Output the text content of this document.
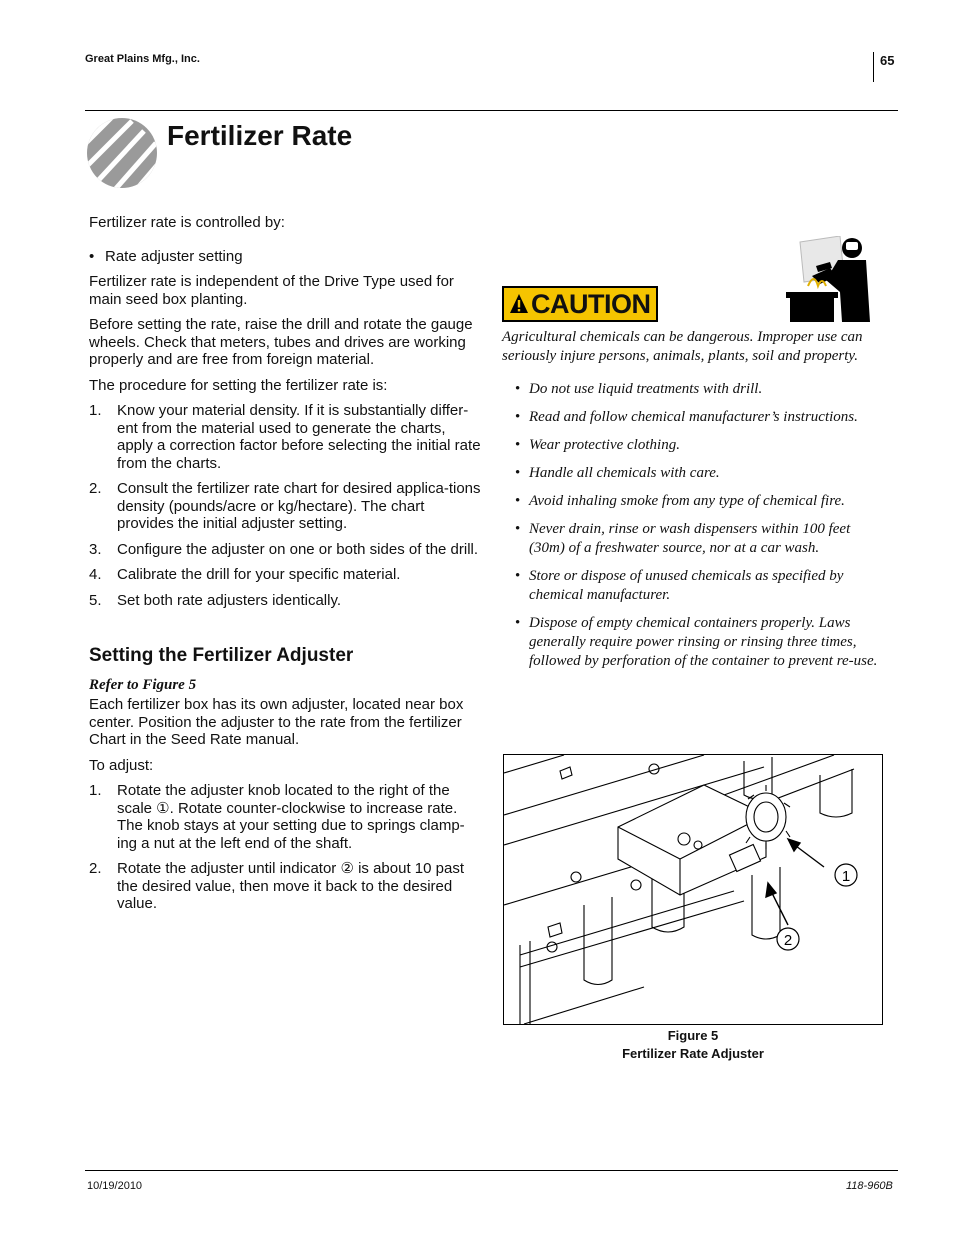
Great Plains Mfg., Inc.	65
Fertilizer Rate

Fertilizer rate is controlled by:

• Rate adjuster setting

Fertilizer rate is independent of the Drive Type used for main seed box planting.

Before setting the rate, raise the drill and rotate the gauge wheels. Check that meters, tubes and drives are working properly and are free from foreign material.

The procedure for setting the fertilizer rate is:

1. Know your material density. If it is substantially differ-ent from the material used to generate the charts, apply a correction factor before selecting the initial rate from the charts.
2. Consult the fertilizer rate chart for desired applica-tions density (pounds/acre or kg/hectare). The chart provides the initial adjuster setting.
3. Configure the adjuster on one or both sides of the drill.
4. Calibrate the drill for your specific material.
5. Set both rate adjusters identically.
Setting the Fertilizer Adjuster
Refer to Figure 5

Each fertilizer box has its own adjuster, located near box center. Position the adjuster to the rate from the fertilizer Chart in the Seed Rate manual.

To adjust:

1. Rotate the adjuster knob located to the right of the scale ①. Rotate counter-clockwise to increase rate. The knob stays at your setting due to springs clamp-ing a nut at the left end of the shaft.
2. Rotate the adjuster until indicator ② is about 10 past the desired value, then move it back to the desired value.
CAUTION

Agricultural chemicals can be dangerous. Improper use can seriously injure persons, animals, plants, soil and property.

• Do not use liquid treatments with drill.
• Read and follow chemical manufacturer’s instructions.
• Wear protective clothing.
• Handle all chemicals with care.
• Avoid inhaling smoke from any type of chemical fire.
• Never drain, rinse or wash dispensers within 100 feet (30m) of a freshwater source, nor at a car wash.
• Store or dispose of unused chemicals as specified by chemical manufacturer.
• Dispose of empty chemical containers properly. Laws generally require power rinsing or rinsing three times, followed by perforation of the container to prevent re-use.
1
2
Figure 5
Fertilizer Rate Adjuster
10/19/2010	118-960B
